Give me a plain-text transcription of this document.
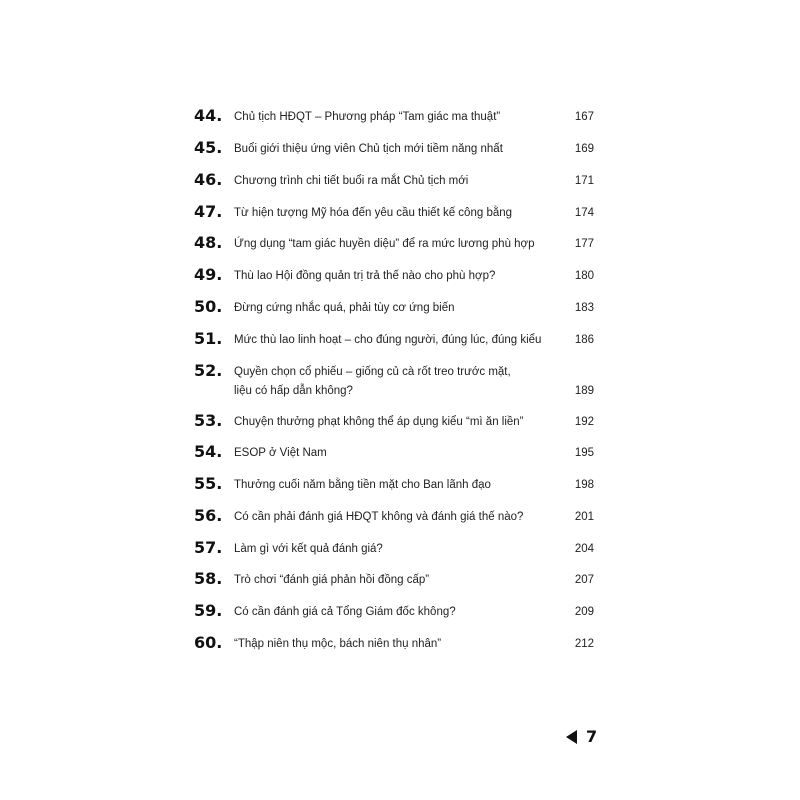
44. Chủ tịch HĐQT – Phương pháp “Tam giác ma thuật” .....	167
45. Buổi giới thiệu ứng viên Chủ tịch mới tiềm năng nhất .....	169
46. Chương trình chi tiết buổi ra mắt Chủ tịch mới .....	171
47. Từ hiện tượng Mỹ hóa đến yêu cầu thiết kế công bằng .....	174
48. Ứng dụng “tam giác huyền diệu” để ra mức lương phù hợp .....	177
49. Thù lao Hội đồng quản trị trả thế nào cho phù hợp? .....	180
50. Đừng cứng nhắc quá, phải tùy cơ ứng biến .....	183
51. Mức thù lao linh hoạt – cho đúng người, đúng lúc, đúng kiểu .....	186
52. Quyền chọn cổ phiếu – giống củ cà rốt treo trước mặt,
liệu có hấp dẫn không? .....	189
53. Chuyện thưởng phạt không thể áp dụng kiểu “mì ăn liền” .....	192
54. ESOP ở Việt Nam .....	195
55. Thưởng cuối năm bằng tiền mặt cho Ban lãnh đạo .....	198
56. Có cần phải đánh giá HĐQT không và đánh giá thế nào? .....	201
57. Làm gì với kết quả đánh giá? .....	204
58. Trò chơi “đánh giá phản hồi đồng cấp” .....	207
59. Có cần đánh giá cả Tổng Giám đốc không? .....	209
60. “Thập niên thụ mộc, bách niên thụ nhân” .....	212
7
